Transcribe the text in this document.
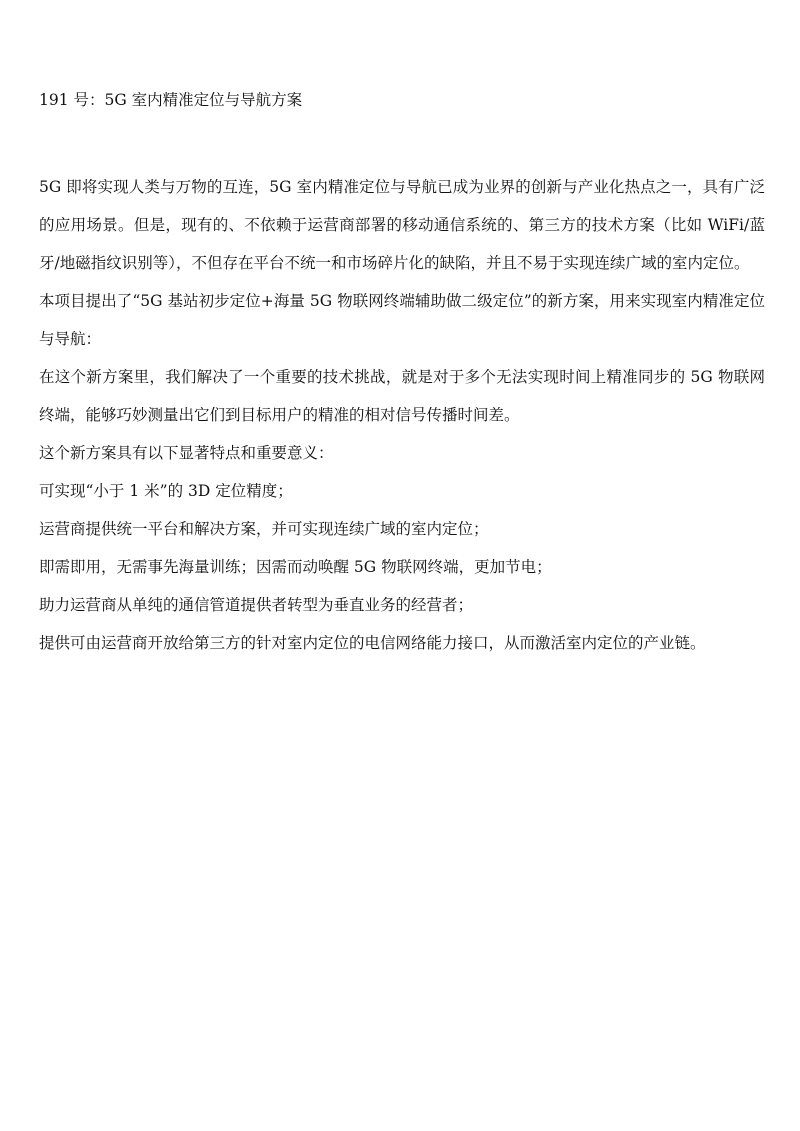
191 号：5G 室内精准定位与导航方案

5G 即将实现人类与万物的互连，5G 室内精准定位与导航已成为业界的创新与产业化热点之一，具有广泛的应用场景。但是，现有的、不依赖于运营商部署的移动通信系统的、第三方的技术方案（比如 WiFi/蓝牙/地磁指纹识别等），不但存在平台不统一和市场碎片化的缺陷，并且不易于实现连续广域的室内定位。

本项目提出了“5G 基站初步定位+海量 5G 物联网终端辅助做二级定位”的新方案，用来实现室内精准定位与导航：

在这个新方案里，我们解决了一个重要的技术挑战，就是对于多个无法实现时间上精准同步的 5G 物联网终端，能够巧妙测量出它们到目标用户的精准的相对信号传播时间差。

这个新方案具有以下显著特点和重要意义：

可实现“小于 1 米”的 3D 定位精度；

运营商提供统一平台和解决方案，并可实现连续广域的室内定位；

即需即用，无需事先海量训练；因需而动唤醒 5G 物联网终端，更加节电；

助力运营商从单纯的通信管道提供者转型为垂直业务的经营者；

提供可由运营商开放给第三方的针对室内定位的电信网络能力接口，从而激活室内定位的产业链。
